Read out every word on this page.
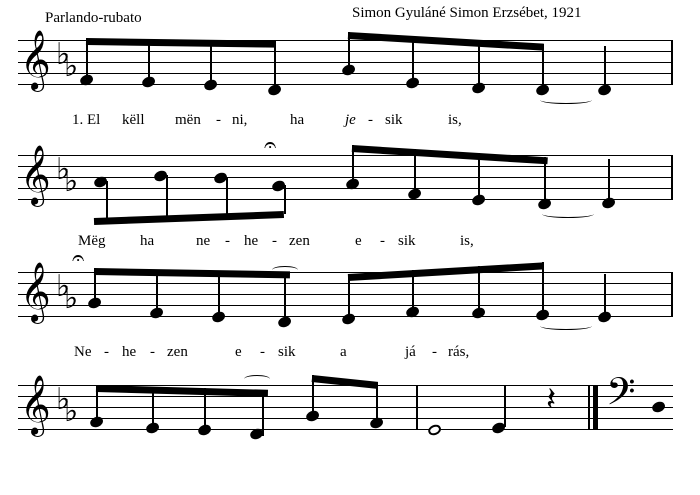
Parlando-rubato	Simon Gyuláné Simon Erzsébet, 1921
𝄞 ♭
♭
1. El këll mën - ni,	ha	je - sik	is,
𝄞 ♭
♭
𝄐
Mëg ha	ne - he - zen	e - sik	is,
𝄞 ♭
♭
𝄐
Ne - he - zen	e - sik	a	já - rás,
𝄞 ♭
♭	𝄽 𝄢
